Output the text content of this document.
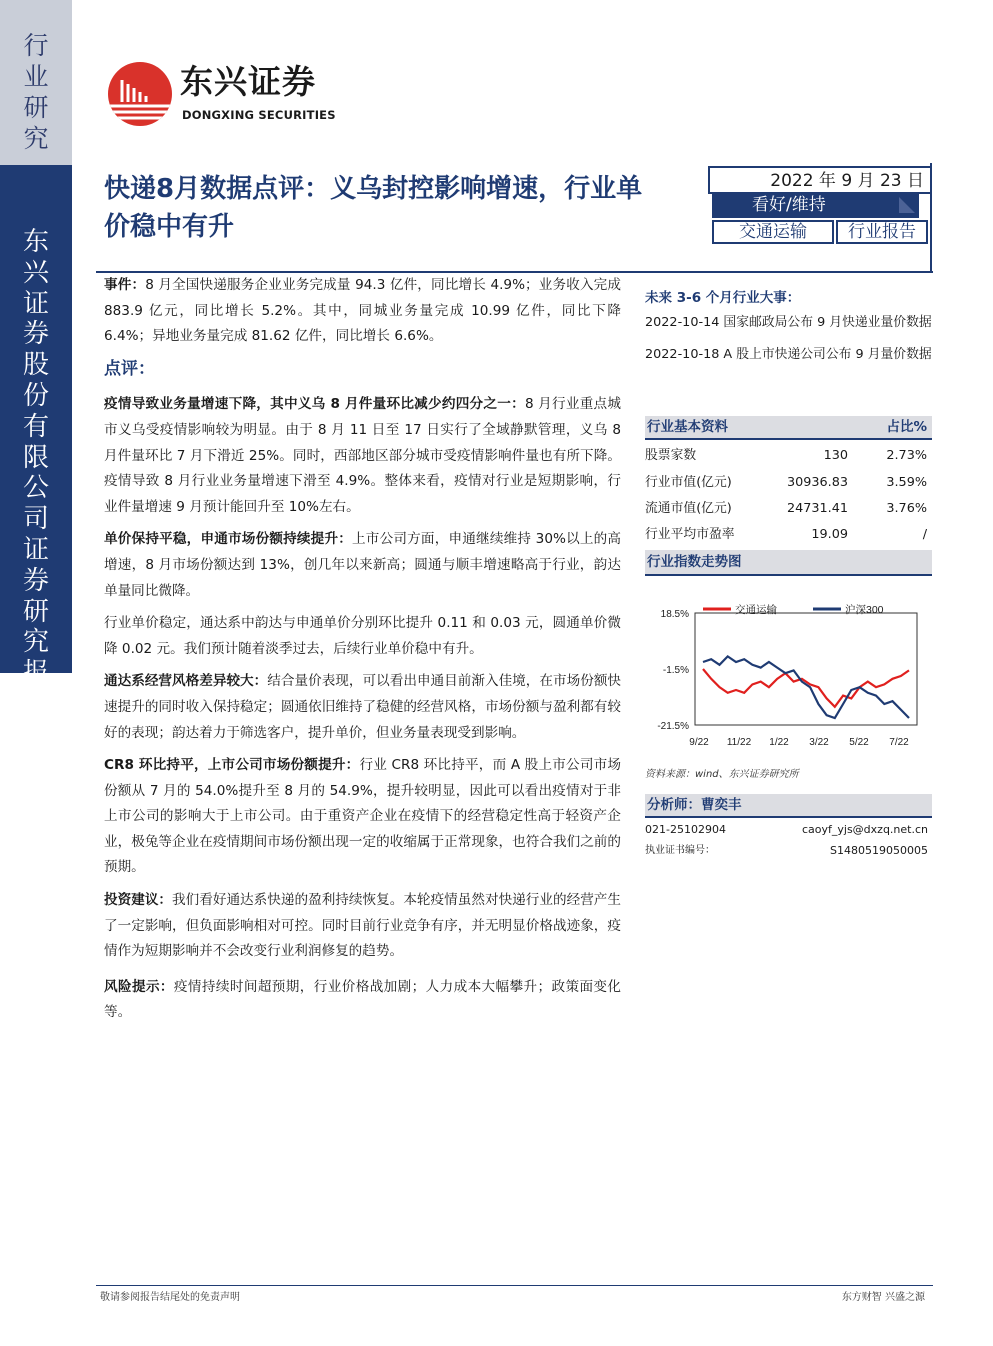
行业研究
东兴证券股份有限公司证券研究报告
东兴证券
DONGXING SECURITIES
快递8月数据点评：义乌封控影响增速，行业单价稳中有升
2022 年 9 月 23 日
看好/维持
交通运输	行业报告

事件：8 月全国快递服务企业业务完成量 94.3 亿件，同比增长 4.9%；业务收入完成 883.9 亿元，同比增长 5.2%。其中，同城业务量完成 10.99 亿件，同比下降 6.4%；异地业务量完成 81.62 亿件，同比增长 6.6%。

点评：

疫情导致业务量增速下降，其中义乌 8 月件量环比减少约四分之一：8 月行业重点城市义乌受疫情影响较为明显。由于 8 月 11 日至 17 日实行了全域静默管理，义乌 8 月件量环比 7 月下滑近 25%。同时，西部地区部分城市受疫情影响件量也有所下降。疫情导致 8 月行业业务量增速下滑至 4.9%。整体来看，疫情对行业是短期影响，行业件量增速 9 月预计能回升至 10%左右。

单价保持平稳，申通市场份额持续提升：上市公司方面，申通继续维持 30%以上的高增速，8 月市场份额达到 13%，创几年以来新高；圆通与顺丰增速略高于行业，韵达单量同比微降。

行业单价稳定，通达系中韵达与申通单价分别环比提升 0.11 和 0.03 元，圆通单价微降 0.02 元。我们预计随着淡季过去，后续行业单价稳中有升。

通达系经营风格差异较大：结合量价表现，可以看出申通目前渐入佳境，在市场份额快速提升的同时收入保持稳定；圆通依旧维持了稳健的经营风格，市场份额与盈利都有较好的表现；韵达着力于筛选客户，提升单价，但业务量表现受到影响。

CR8 环比持平，上市公司市场份额提升：行业 CR8 环比持平，而 A 股上市公司市场份额从 7 月的 54.0%提升至 8 月的 54.9%，提升较明显，因此可以看出疫情对于非上市公司的影响大于上市公司。由于重资产企业在疫情下的经营稳定性高于轻资产企业，极兔等企业在疫情期间市场份额出现一定的收缩属于正常现象，也符合我们之前的预期。

投资建议：我们看好通达系快递的盈利持续恢复。本轮疫情虽然对快递行业的经营产生了一定影响，但负面影响相对可控。同时目前行业竞争有序，并无明显价格战迹象，疫情作为短期影响并不会改变行业利润修复的趋势。

风险提示：疫情持续时间超预期，行业价格战加剧；人力成本大幅攀升；政策面变化等。

未来 3-6 个月行业大事：
2022-10-14 国家邮政局公布 9 月快递业量价数据
2022-10-18 A 股上市快递公司公布 9 月量价数据
行业基本资料	占比%
股票家数	130	2.73%
行业市值(亿元)	30936.83	3.59%
流通市值(亿元)	24731.41	3.76%
行业平均市盈率	19.09	/
行业指数走势图
18.5%
-1.5%
-21.5%
9/22 11/22 1/22 3/22 5/22 7/22
交通运输	沪深300
资料来源：wind、东兴证券研究所
分析师：曹奕丰
021-25102904	caoyf_yjs@dxzq.net.cn
执业证书编号：	S1480519050005
敬请参阅报告结尾处的免责声明	东方财智 兴盛之源
